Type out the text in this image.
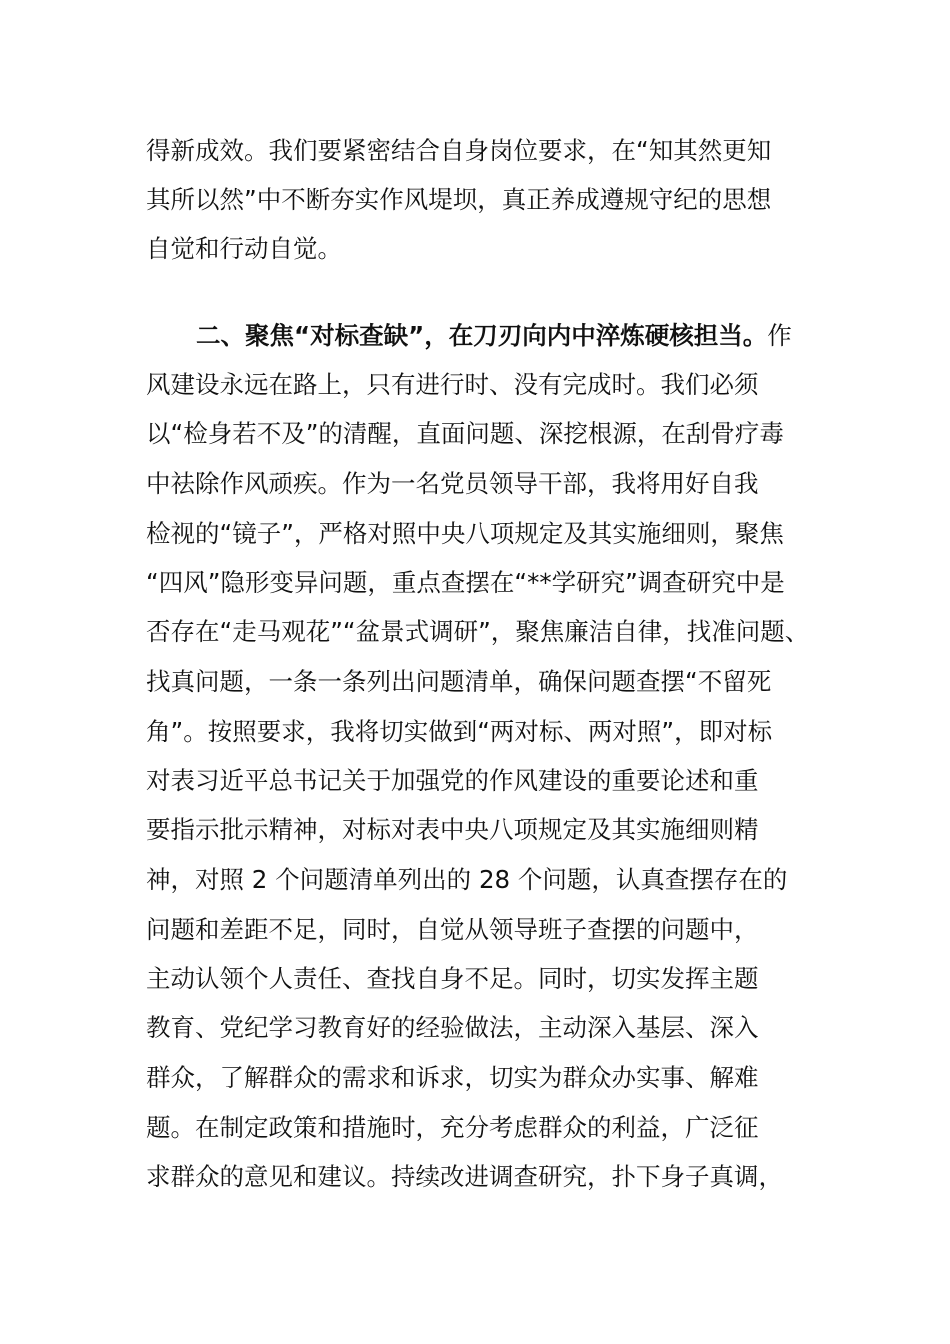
得新成效。我们要紧密结合自身岗位要求，在“知其然更知
其所以然”中不断夯实作风堤坝，真正养成遵规守纪的思想
自觉和行动自觉。
二、聚焦“对标查缺”，在刀刃向内中淬炼硬核担当。作
风建设永远在路上，只有进行时、没有完成时。我们必须
以“检身若不及”的清醒，直面问题、深挖根源，在刮骨疗毒
中祛除作风顽疾。作为一名党员领导干部，我将用好自我
检视的“镜子”，严格对照中央八项规定及其实施细则，聚焦
“四风”隐形变异问题，重点查摆在“**学研究”调查研究中是
否存在“走马观花”“盆景式调研”，聚焦廉洁自律，找准问题、
找真问题，一条一条列出问题清单，确保问题查摆“不留死
角”。按照要求，我将切实做到“两对标、两对照”，即对标
对表习近平总书记关于加强党的作风建设的重要论述和重
要指示批示精神，对标对表中央八项规定及其实施细则精
神，对照 2 个问题清单列出的 28 个问题，认真查摆存在的
问题和差距不足，同时，自觉从领导班子查摆的问题中，
主动认领个人责任、查找自身不足。同时，切实发挥主题
教育、党纪学习教育好的经验做法，主动深入基层、深入
群众，了解群众的需求和诉求，切实为群众办实事、解难
题。在制定政策和措施时，充分考虑群众的利益，广泛征
求群众的意见和建议。持续改进调查研究，扑下身子真调，
